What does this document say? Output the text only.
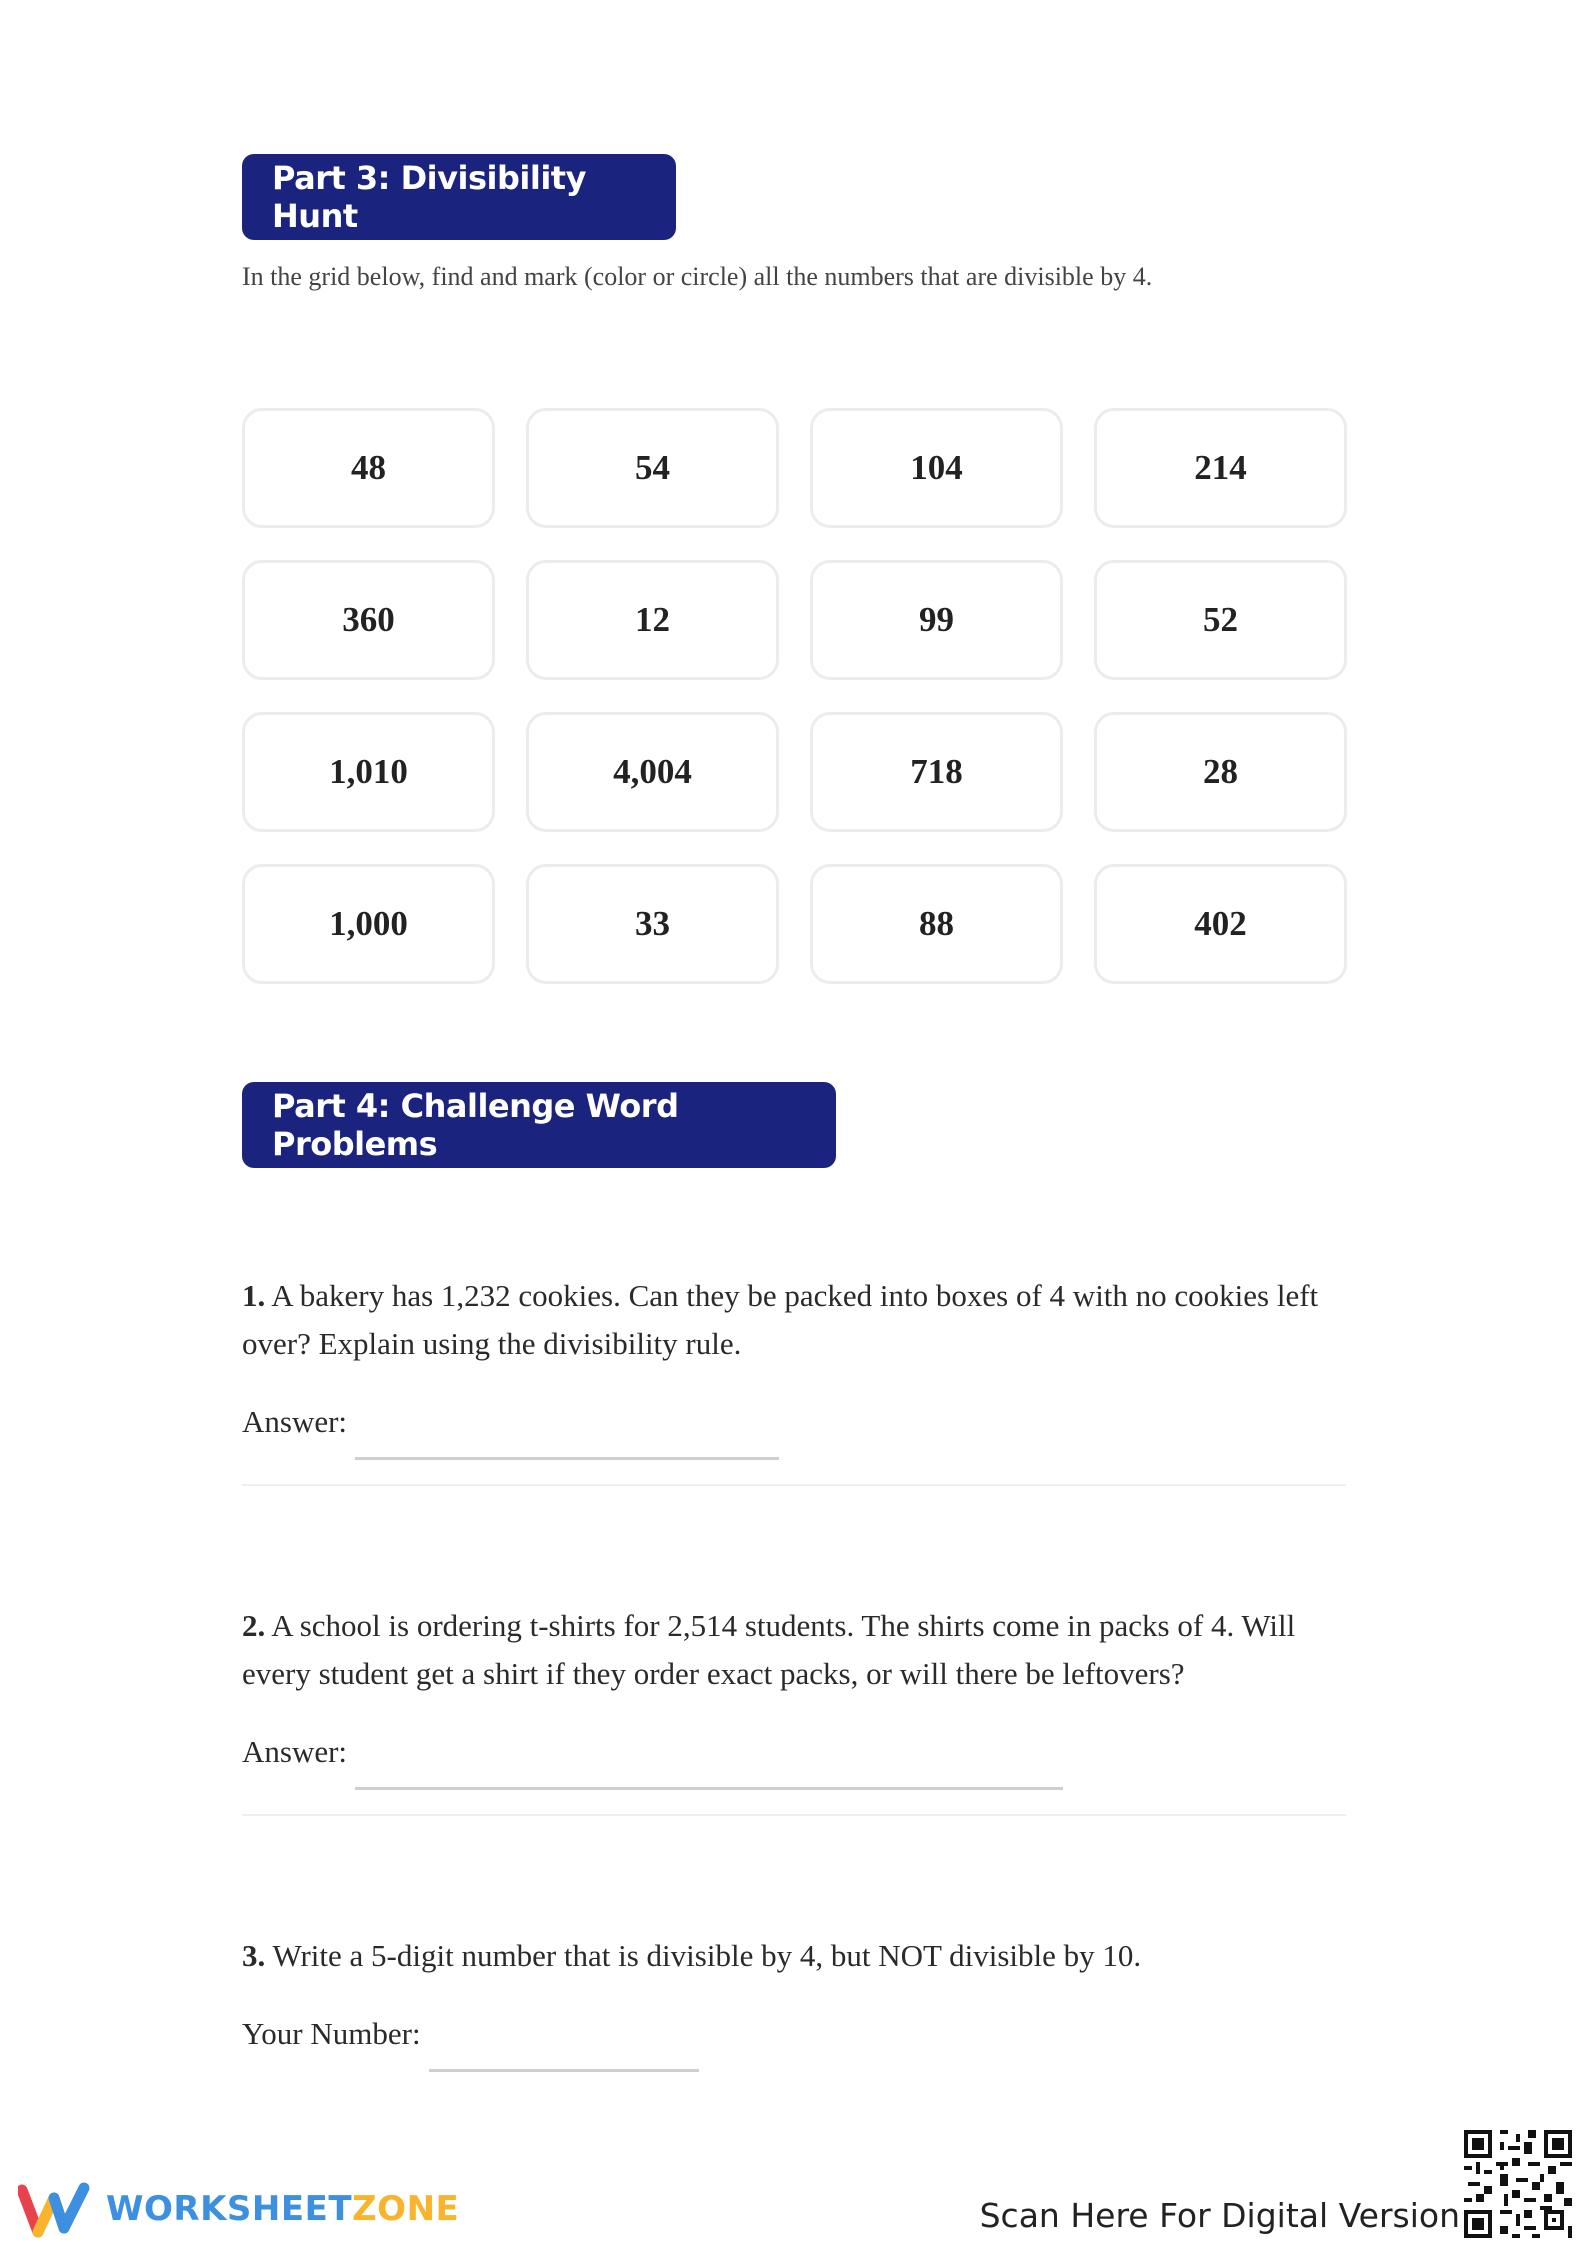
Part 3: Divisibility Hunt
In the grid below, find and mark (color or circle) all the numbers that are divisible by 4.
48	54	104	214
360	12	99	52
1,010	4,004	718	28
1,000	33	88	402
Part 4: Challenge Word Problems
1. A bakery has 1,232 cookies. Can they be packed into boxes of 4 with no cookies left over? Explain using the divisibility rule.
Answer:
2. A school is ordering t-shirts for 2,514 students. The shirts come in packs of 4. Will every student get a shirt if they order exact packs, or will there be leftovers?
Answer:
3. Write a 5-digit number that is divisible by 4, but NOT divisible by 10.
Your Number:
WORKSHEETZONE	Scan Here For Digital Version
